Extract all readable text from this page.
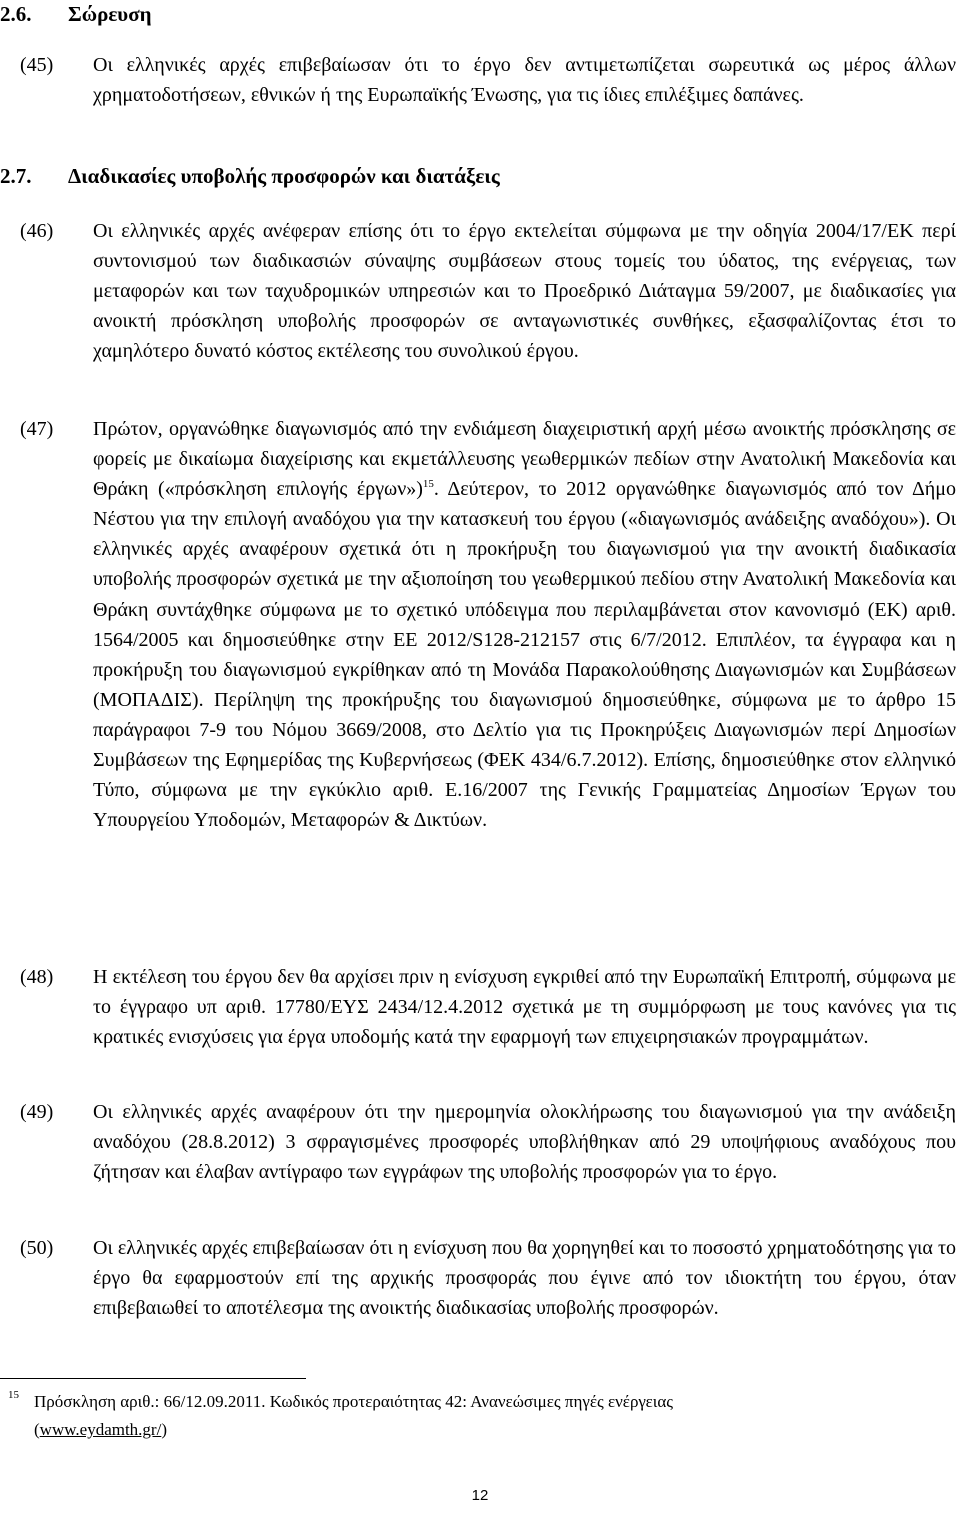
2.6. Σώρευση
(45) Οι ελληνικές αρχές επιβεβαίωσαν ότι το έργο δεν αντιμετωπίζεται σωρευτικά ως μέρος άλλων χρηματοδοτήσεων, εθνικών ή της Ευρωπαϊκής Ένωσης, για τις ίδιες επιλέξιμες δαπάνες.
2.7. Διαδικασίες υποβολής προσφορών και διατάξεις
(46) Οι ελληνικές αρχές ανέφεραν επίσης ότι το έργο εκτελείται σύμφωνα με την οδηγία 2004/17/ΕΚ περί συντονισμού των διαδικασιών σύναψης συμβάσεων στους τομείς του ύδατος, της ενέργειας, των μεταφορών και των ταχυδρομικών υπηρεσιών και το Προεδρικό Διάταγμα 59/2007, με διαδικασίες για ανοικτή πρόσκληση υποβολής προσφορών σε ανταγωνιστικές συνθήκες, εξασφαλίζοντας έτσι το χαμηλότερο δυνατό κόστος εκτέλεσης του συνολικού έργου.
(47) Πρώτον, οργανώθηκε διαγωνισμός από την ενδιάμεση διαχειριστική αρχή μέσω ανοικτής πρόσκλησης σε φορείς με δικαίωμα διαχείρισης και εκμετάλλευσης γεωθερμικών πεδίων στην Ανατολική Μακεδονία και Θράκη («πρόσκληση επιλογής έργων»)$^{15}$. Δεύτερον, το 2012 οργανώθηκε διαγωνισμός από τον Δήμο Νέστου για την επιλογή αναδόχου για την κατασκευή του έργου («διαγωνισμός ανάδειξης αναδόχου»). Οι ελληνικές αρχές αναφέρουν σχετικά ότι η προκήρυξη του διαγωνισμού για την ανοικτή διαδικασία υποβολής προσφορών σχετικά με την αξιοποίηση του γεωθερμικού πεδίου στην Ανατολική Μακεδονία και Θράκη συντάχθηκε σύμφωνα με το σχετικό υπόδειγμα που περιλαμβάνεται στον κανονισμό (ΕΚ) αριθ. 1564/2005 και δημοσιεύθηκε στην ΕΕ 2012/S128-212157 στις 6/7/2012. Επιπλέον, τα έγγραφα και η προκήρυξη του διαγωνισμού εγκρίθηκαν από τη Μονάδα Παρακολούθησης Διαγωνισμών και Συμβάσεων (ΜΟΠΑΔΙΣ). Περίληψη της προκήρυξης του διαγωνισμού δημοσιεύθηκε, σύμφωνα με το άρθρο 15 παράγραφοι 7-9 του Νόμου 3669/2008, στο Δελτίο για τις Προκηρύξεις Διαγωνισμών περί Δημοσίων Συμβάσεων της Εφημερίδας της Κυβερνήσεως (ΦΕΚ 434/6.7.2012). Επίσης, δημοσιεύθηκε στον ελληνικό Τύπο, σύμφωνα με την εγκύκλιο αριθ. Ε.16/2007 της Γενικής Γραμματείας Δημοσίων Έργων του Υπουργείου Υποδομών, Μεταφορών & Δικτύων.
(48) Η εκτέλεση του έργου δεν θα αρχίσει πριν η ενίσχυση εγκριθεί από την Ευρωπαϊκή Επιτροπή, σύμφωνα με το έγγραφο υπ αριθ. 17780/ΕΥΣ 2434/12.4.2012 σχετικά με τη συμμόρφωση με τους κανόνες για τις κρατικές ενισχύσεις για έργα υποδομής κατά την εφαρμογή των επιχειρησιακών προγραμμάτων.
(49) Οι ελληνικές αρχές αναφέρουν ότι την ημερομηνία ολοκλήρωσης του διαγωνισμού για την ανάδειξη αναδόχου (28.8.2012) 3 σφραγισμένες προσφορές υποβλήθηκαν από 29 υποψήφιους αναδόχους που ζήτησαν και έλαβαν αντίγραφο των εγγράφων της υποβολής προσφορών για το έργο.
(50) Οι ελληνικές αρχές επιβεβαίωσαν ότι η ενίσχυση που θα χορηγηθεί και το ποσοστό χρηματοδότησης για το έργο θα εφαρμοστούν επί της αρχικής προσφοράς που έγινε από τον ιδιοκτήτη του έργου, όταν επιβεβαιωθεί το αποτέλεσμα της ανοικτής διαδικασίας υποβολής προσφορών.
15 Πρόσκληση αριθ.: 66/12.09.2011. Κωδικός προτεραιότητας 42: Ανανεώσιμες πηγές ενέργειας
(www.eydamth.gr/)
12
